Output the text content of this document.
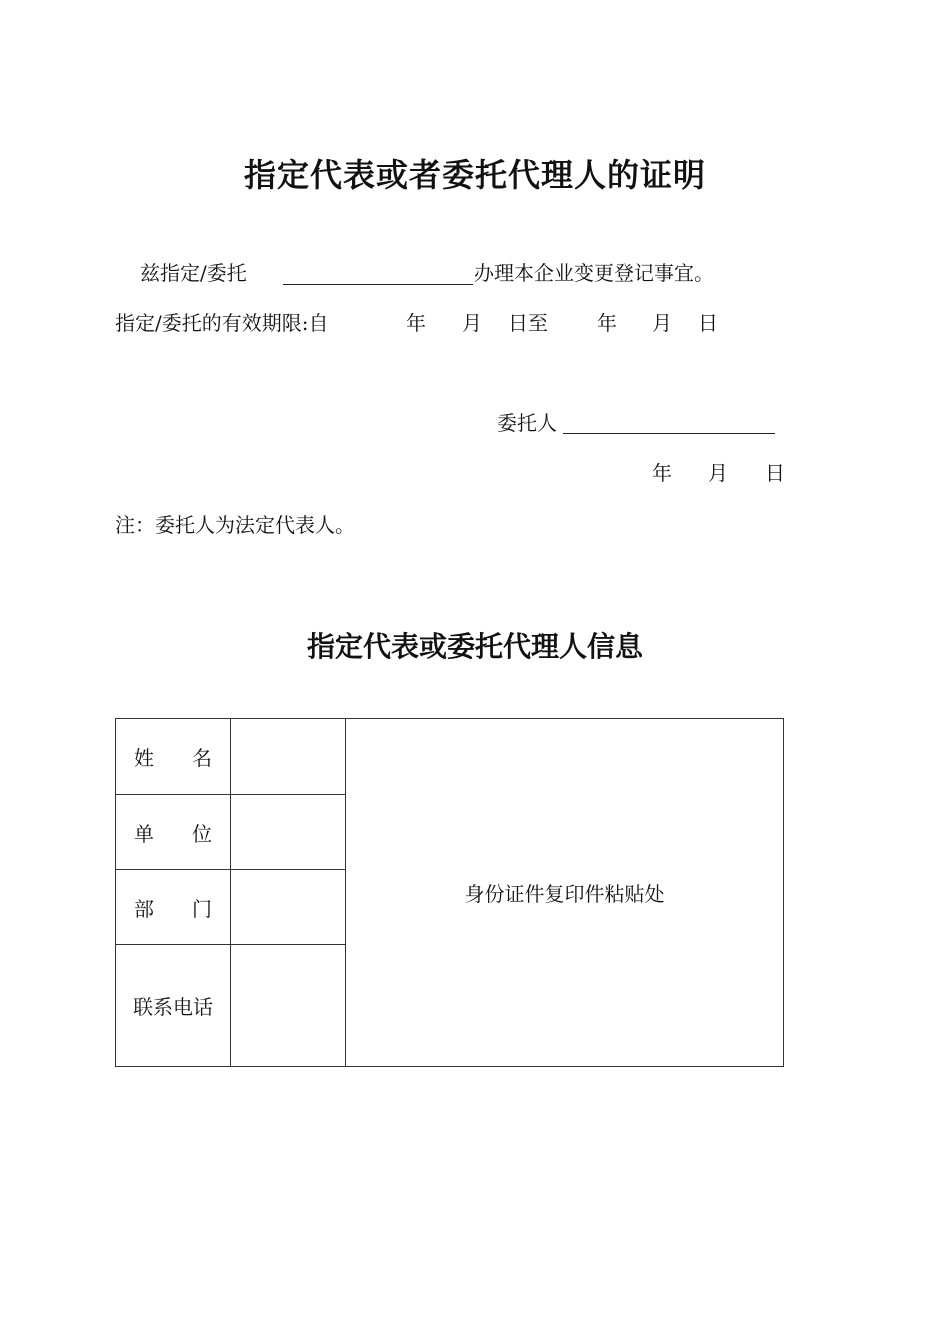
指定代表或者委托代理人的证明
兹指定/委托	办理本企业变更登记事宜。
指定/委托的有效期限:自	年 月 日至 年 月 日
委托人
年 月 日
注：委托人为法定代表人。
指定代表或委托代理人信息
姓 名		身份证件复印件粘贴处

单 位		

部 门		

联系电话		
